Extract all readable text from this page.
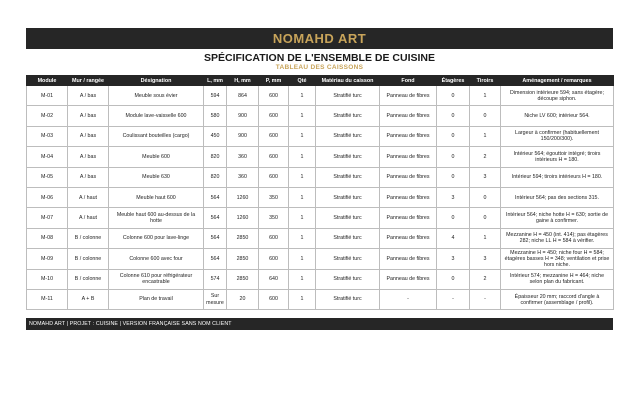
NOMAHD ART
SPÉCIFICATION DE L'ENSEMBLE DE CUISINE
TABLEAU DES CAISSONS
Module	Mur / rangée	Désignation	L, mm	H, mm	P, mm	Qté	Matériau du caisson	Fond	Étagères	Tiroirs	Aménagement / remarques
M-01	A / bas	Meuble sous évier	594	864	600	1	Stratifié turc	Panneau de fibres	0	1	Dimension intérieure 594; sans étagère; découpe siphon.
M-02	A / bas	Module lave-vaisselle 600	580	900	600	1	Stratifié turc	Panneau de fibres	0	0	Niche LV 600; intérieur 564.
M-03	A / bas	Coulissant bouteilles (cargo)	450	900	600	1	Stratifié turc	Panneau de fibres	0	1	Largeur à confirmer (habituellement 150/200/300).
M-04	A / bas	Meuble 600	820	360	600	1	Stratifié turc	Panneau de fibres	0	2	Intérieur 564; égouttoir intégré; tiroirs intérieurs H = 180.
M-05	A / bas	Meuble 630	820	360	600	1	Stratifié turc	Panneau de fibres	0	3	Intérieur 594; tiroirs intérieurs H = 180.
M-06	A / haut	Meuble haut 600	564	1260	350	1	Stratifié turc	Panneau de fibres	3	0	Intérieur 564; pas des sections 315.
M-07	A / haut	Meuble haut 600 au-dessus de la hotte	564	1260	350	1	Stratifié turc	Panneau de fibres	0	0	Intérieur 564; niche hotte H = 630; sortie de gaine à confirmer.
M-08	B / colonne	Colonne 600 pour lave-linge	564	2850	600	1	Stratifié turc	Panneau de fibres	4	1	Mezzanine H = 450 (int. 414); pas étagères 282; niche LL H = 584 à vérifier.
M-09	B / colonne	Colonne 600 avec four	564	2850	600	1	Stratifié turc	Panneau de fibres	3	3	Mezzanine H = 450; niche four H = 584; étagères basses H = 348; ventilation et prise hors niche.
M-10	B / colonne	Colonne 610 pour réfrigérateur encastrable	574	2850	640	1	Stratifié turc	Panneau de fibres	0	2	Intérieur 574; mezzanine H = 464; niche selon plan du fabricant.
M-11	A + B	Plan de travail	Sur mesure	20	600	1	Stratifié turc	-	-	-	Épaisseur 20 mm; raccord d'angle à confirmer (assemblage / profil).
NOMAHD ART | PROJET : CUISINE | VERSION FRANÇAISE SANS NOM CLIENT
